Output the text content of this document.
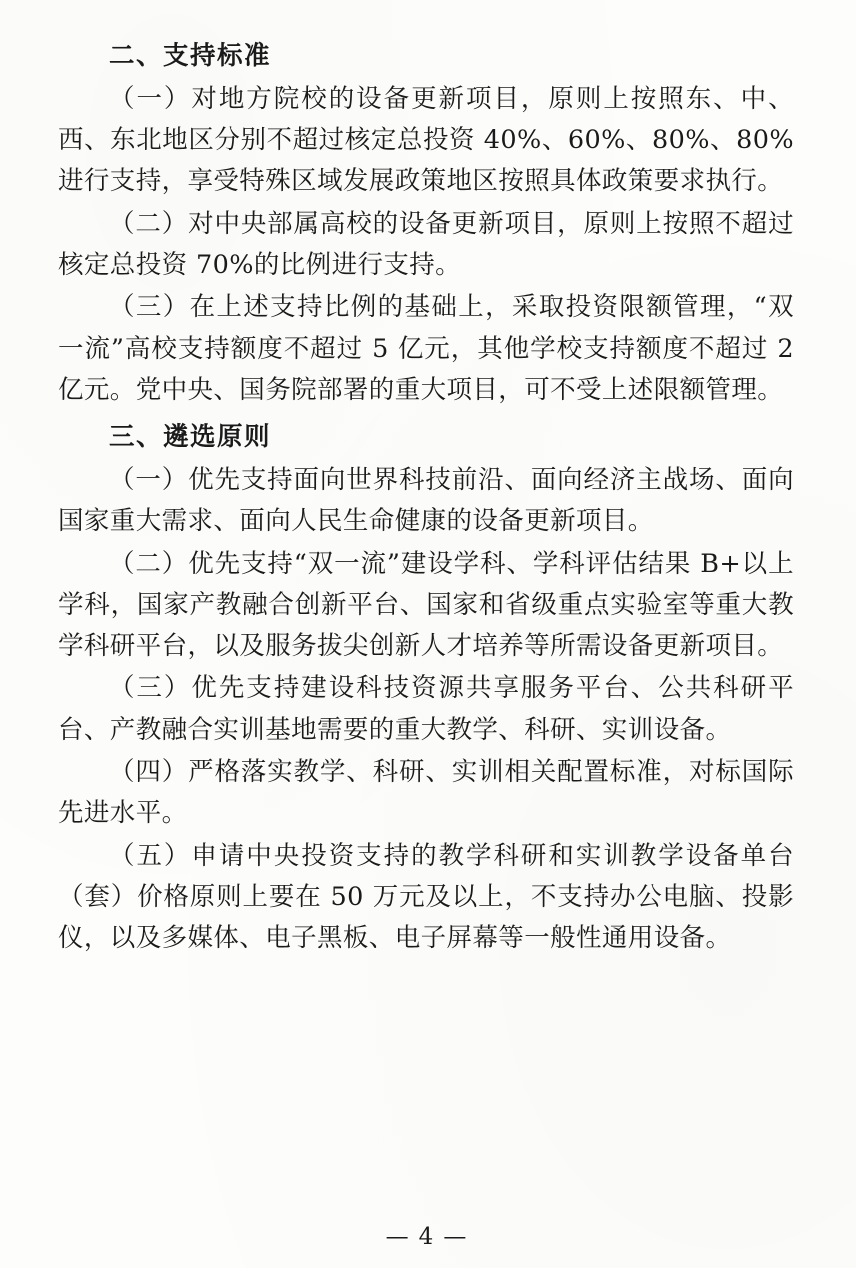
二、支持标准

（一）对地方院校的设备更新项目，原则上按照东、中、西、东北地区分别不超过核定总投资 40%、60%、80%、80%进行支持，享受特殊区域发展政策地区按照具体政策要求执行。

（二）对中央部属高校的设备更新项目，原则上按照不超过核定总投资 70%的比例进行支持。

（三）在上述支持比例的基础上，采取投资限额管理，“双一流”高校支持额度不超过 5 亿元，其他学校支持额度不超过 2 亿元。党中央、国务院部署的重大项目，可不受上述限额管理。

三、遴选原则

（一）优先支持面向世界科技前沿、面向经济主战场、面向国家重大需求、面向人民生命健康的设备更新项目。

（二）优先支持“双一流”建设学科、学科评估结果 B+以上学科，国家产教融合创新平台、国家和省级重点实验室等重大教学科研平台，以及服务拔尖创新人才培养等所需设备更新项目。

（三）优先支持建设科技资源共享服务平台、公共科研平台、产教融合实训基地需要的重大教学、科研、实训设备。

（四）严格落实教学、科研、实训相关配置标准，对标国际先进水平。

（五）申请中央投资支持的教学科研和实训教学设备单台（套）价格原则上要在 50 万元及以上，不支持办公电脑、投影仪，以及多媒体、电子黑板、电子屏幕等一般性通用设备。

— 4 —
